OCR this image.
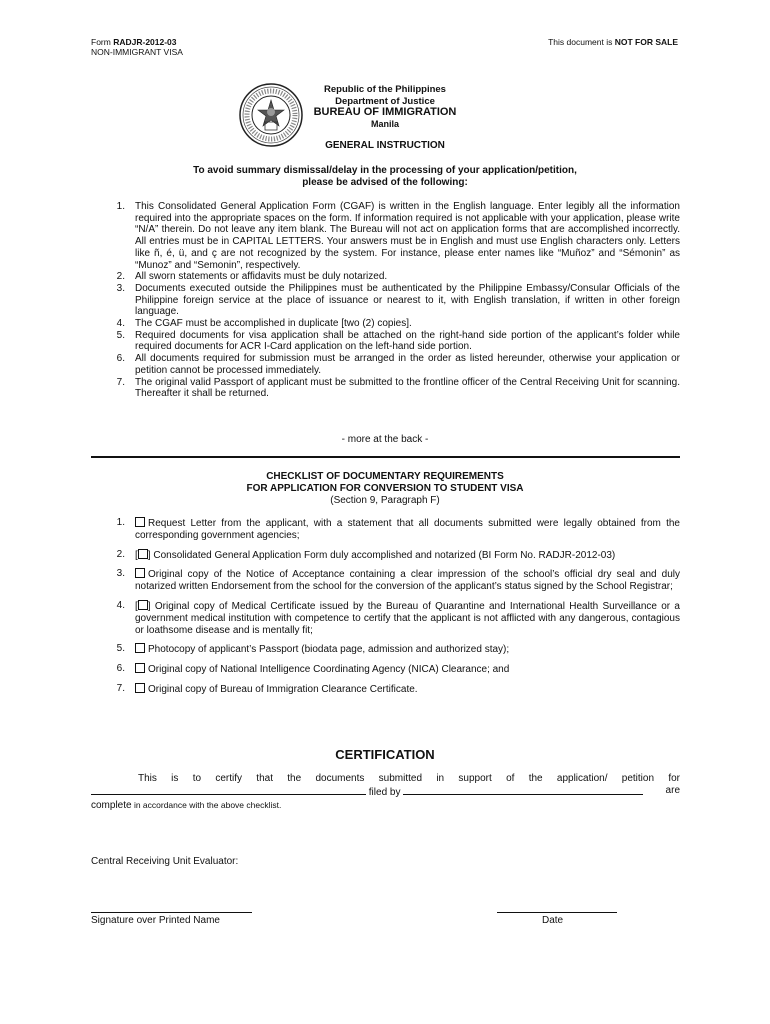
Form RADJR-2012-03
NON-IMMIGRANT VISA
This document is NOT FOR SALE
Republic of the Philippines
Department of Justice
BUREAU OF IMMIGRATION
Manila
GENERAL INSTRUCTION
To avoid summary dismissal/delay in the processing of your application/petition,
please be advised of the following:
1. This Consolidated General Application Form (CGAF) is written in the English language. Enter legibly all the information required into the appropriate spaces on the form. If information required is not applicable with your application, please write “N/A” therein. Do not leave any item blank. The Bureau will not act on application forms that are accomplished incorrectly. All entries must be in CAPITAL LETTERS. Your answers must be in English and must use English characters only. Letters like ñ, é, ü, and ç are not recognized by the system. For instance, please enter names like “Muñoz” and “Sémonin” as “Munoz” and “Semonin”, respectively.
2. All sworn statements or affidavits must be duly notarized.
3. Documents executed outside the Philippines must be authenticated by the Philippine Embassy/Consular Officials of the Philippine foreign service at the place of issuance or nearest to it, with English translation, if written in other foreign language.
4. The CGAF must be accomplished in duplicate [two (2) copies].
5. Required documents for visa application shall be attached on the right-hand side portion of the applicant’s folder while required documents for ACR I-Card application on the left-hand side portion.
6. All documents required for submission must be arranged in the order as listed hereunder, otherwise your application or petition cannot be processed immediately.
7. The original valid Passport of applicant must be submitted to the frontline officer of the Central Receiving Unit for scanning. Thereafter it shall be returned.
- more at the back -
CHECKLIST OF DOCUMENTARY REQUIREMENTS
FOR APPLICATION FOR CONVERSION TO STUDENT VISA
(Section 9, Paragraph F)
1. Request Letter from the applicant, with a statement that all documents submitted were legally obtained from the corresponding government agencies;
2. [ ] Consolidated General Application Form duly accomplished and notarized (BI Form No. RADJR-2012-03)
3. Original copy of the Notice of Acceptance containing a clear impression of the school’s official dry seal and duly notarized written Endorsement from the school for the conversion of the applicant’s status signed by the School Registrar;
4. [ ] Original copy of Medical Certificate issued by the Bureau of Quarantine and International Health Surveillance or a government medical institution with competence to certify that the applicant is not afflicted with any dangerous, contagious or loathsome disease and is mentally fit;
5. Photocopy of applicant’s Passport (biodata page, admission and authorized stay);
6. Original copy of National Intelligence Coordinating Agency (NICA) Clearance; and
7. Original copy of Bureau of Immigration Clearance Certificate.
CERTIFICATION
This is to certify that the documents submitted in support of the application/ petition for
filed by	are
complete in accordance with the above checklist.
Central Receiving Unit Evaluator:
Signature over Printed Name	Date
